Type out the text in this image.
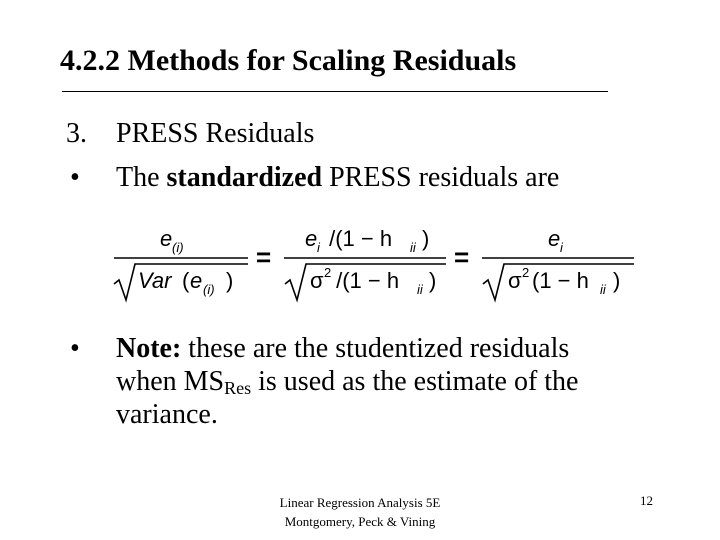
4.2.2 Methods for Scaling Residuals
3. PRESS Residuals
• The standardized PRESS residuals are
e (i)
Var ( e (i) )
=
e i /(1 − h ii )
σ 2
/(1 − h ii )
=
e i
σ 2 (1 − h ii )
• Note: these are the studentized residuals
when $MS_{Res}$ is used as the estimate of the
variance.
Linear Regression Analysis 5E
Montgomery, Peck & Vining
12
